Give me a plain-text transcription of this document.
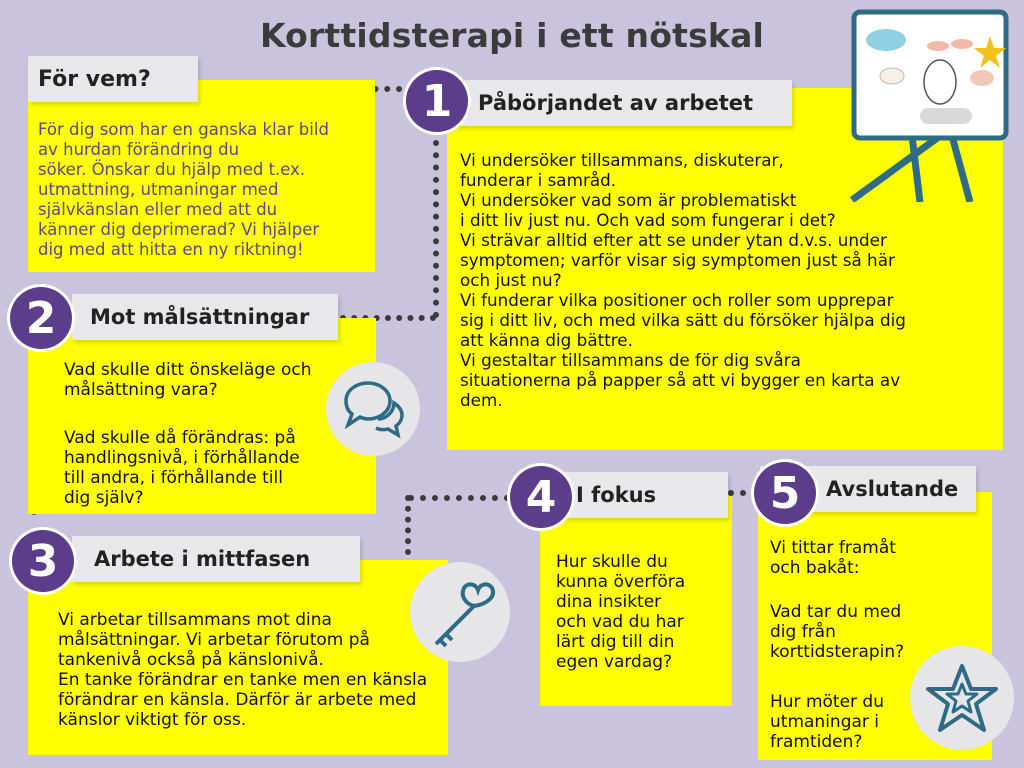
Korttidsterapi i ett nötskal
För vem?
För dig som har en ganska klar bild
av hurdan förändring du
söker. Önskar du hjälp med t.ex.
utmattning, utmaningar med
självkänslan eller med att du
känner dig deprimerad? Vi hjälper
dig med att hitta en ny riktning!
Påbörjandet av arbetet
1
Vi undersöker tillsammans, diskuterar,
funderar i samråd.
Vi undersöker vad som är problematiskt
i ditt liv just nu. Och vad som fungerar i det?
Vi strävar alltid efter att se under ytan d.v.s. under
symptomen; varför visar sig symptomen just så här
och just nu?
Vi funderar vilka positioner och roller som upprepar
sig i ditt liv, och med vilka sätt du försöker hjälpa dig
att känna dig bättre.
Vi gestaltar tillsammans de för dig svåra
situationerna på papper så att vi bygger en karta av
dem.
Mot målsättningar
2
Vad skulle ditt önskeläge och
målsättning vara?
Vad skulle då förändras: på
handlingsnivå, i förhållande
till andra, i förhållande till
dig själv?
Arbete i mittfasen
3
Vi arbetar tillsammans mot dina
målsättningar. Vi arbetar förutom på
tankenivå också på känslonivå.
En tanke förändrar en tanke men en känsla
förändrar en känsla. Därför är arbete med
känslor viktigt för oss.
I fokus
4
Hur skulle du
kunna överföra
dina insikter
och vad du har
lärt dig till din
egen vardag?
Avslutande
5
Vi tittar framåt
och bakåt:
Vad tar du med
dig från
korttidsterapin?
Hur möter du
utmaningar i
framtiden?
